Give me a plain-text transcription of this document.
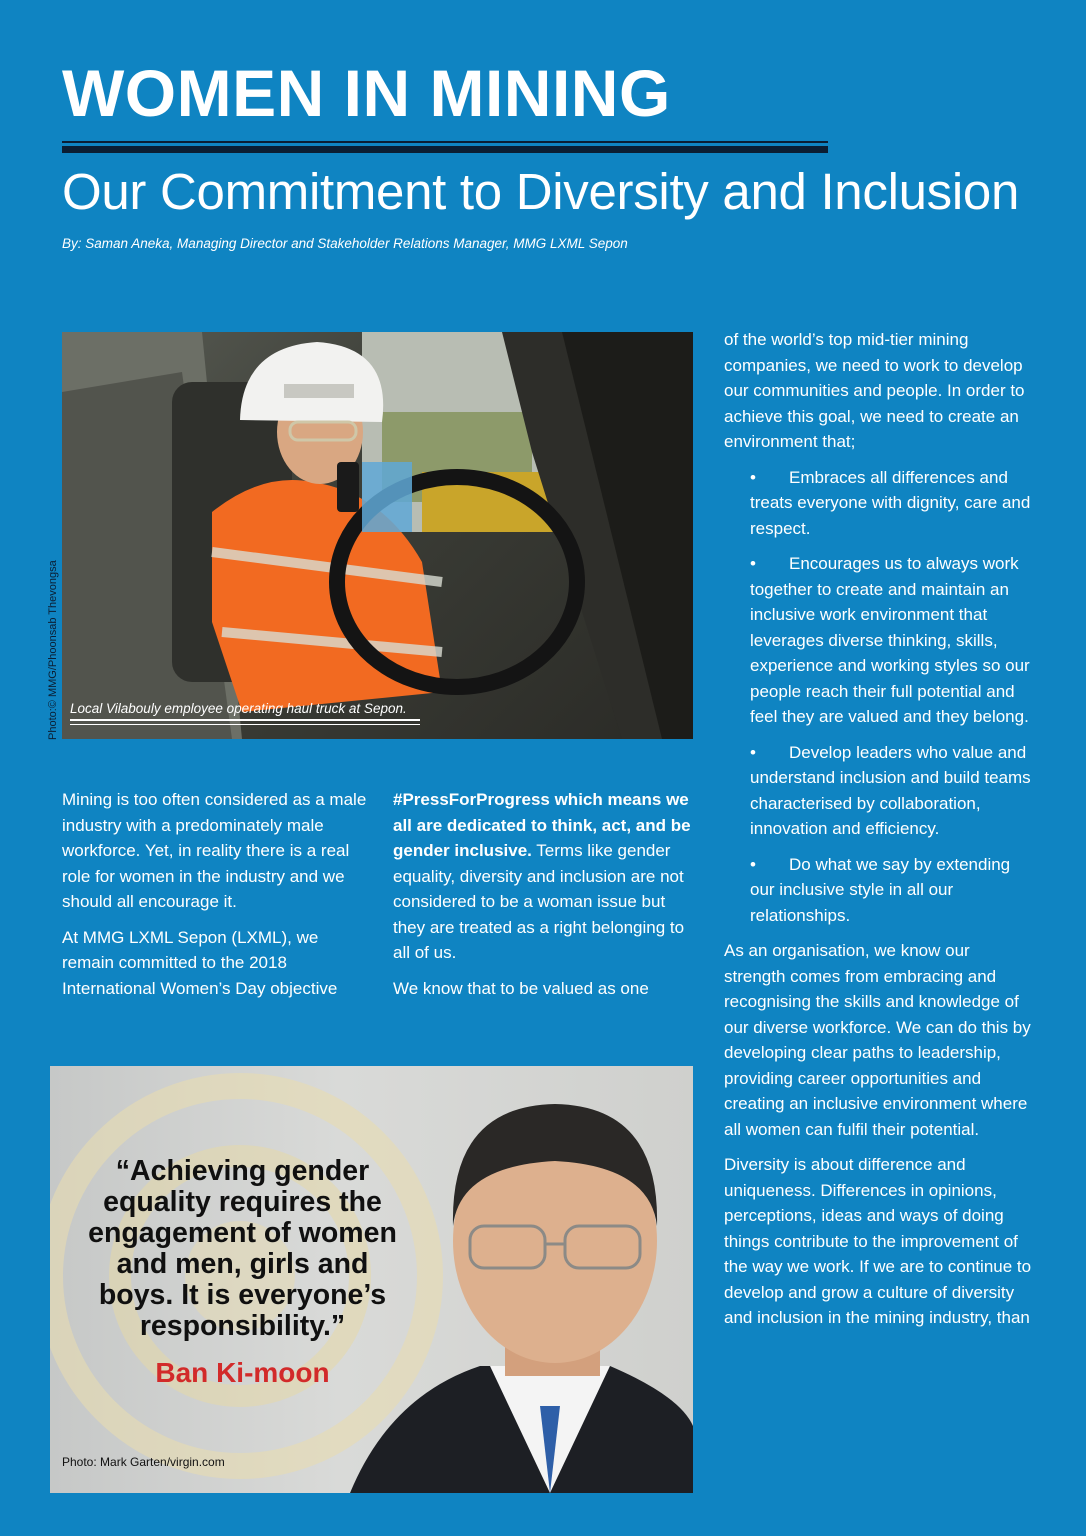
WOMEN IN MINING
Our Commitment to Diversity and Inclusion

By: Saman Aneka, Managing Director and Stakeholder Relations Manager, MMG LXML Sepon

Photo:© MMG/Phoonsab Thevongsa Local Vilabouly employee operating haul truck at Sepon.

Mining is too often considered as a male industry with a predominately male workforce. Yet, in reality there is a real role for women in the industry and we should all encourage it.

At MMG LXML Sepon (LXML), we remain committed to the 2018 International Women’s Day objective

#PressForProgress which means we all are dedicated to think, act, and be gender inclusive. Terms like gender equality, diversity and inclusion are not considered to be a woman issue but they are treated as a right belonging to all of us.

We know that to be valued as one

of the world’s top mid-tier mining companies, we need to work to develop our communities and people. In order to achieve this goal, we need to create an environment that;

• Embraces all differences and treats everyone with dignity, care and respect.
• Encourages us to always work together to create and maintain an inclusive work environment that leverages diverse thinking, skills, experience and working styles so our people reach their full potential and feel they are valued and they belong.
• Develop leaders who value and understand inclusion and build teams characterised by collaboration, innovation and efficiency.
• Do what we say by extending our inclusive style in all our relationships.

As an organisation, we know our strength comes from embracing and recognising the skills and knowledge of our diverse workforce. We can do this by developing clear paths to leadership, providing career opportunities and creating an inclusive environment where all women can fulfil their potential.

Diversity is about difference and uniqueness. Differences in opinions, perceptions, ideas and ways of doing things contribute to the improvement of the way we work. If we are to continue to develop and grow a culture of diversity and inclusion in the mining industry, than

“Achieving gender equality requires the engagement of women and men, girls and boys. It is everyone’s responsibility.”

Ban Ki-moon
Photo: Mark Garten/virgin.com
